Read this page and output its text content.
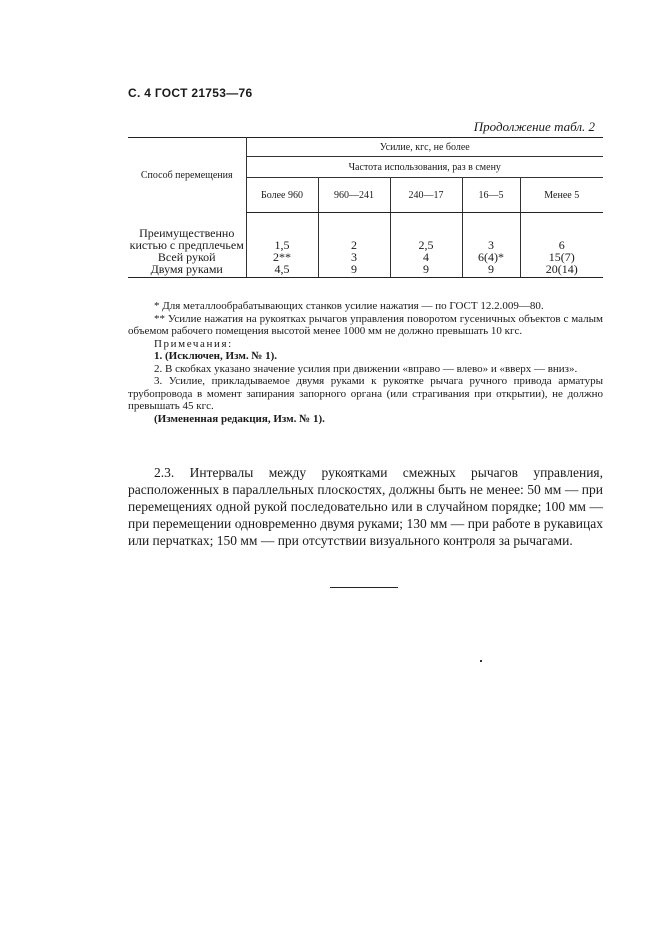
С. 4 ГОСТ 21753—76
Продолжение табл. 2
Способ перемещения	Усилие, кгс, не более				
	Частота использования, раз в смену				
	Более 960	960—241	240—17	16—5	Менее 5
Преимущественно кистью с предплечьем	1,5	2	2,5	3	6
Всей рукой	2**	3	4	6(4)*	15(7)
Двумя руками	4,5	9	9	9	20(14)

* Для металлообрабатывающих станков усилие нажатия — по ГОСТ 12.2.009—80.

** Усилие нажатия на рукоятках рычагов управления поворотом гусеничных объектов с малым объемом рабочего помещения высотой менее 1000 мм не должно превышать 10 кгс.

Примечания:

1. (Исключен, Изм. № 1).

2. В скобках указано значение усилия при движении «вправо — влево» и «вверх — вниз».

3. Усилие, прикладываемое двумя руками к рукоятке рычага ручного привода арматуры трубопровода в момент запирания запорного органа (или страгивания при открытии), не должно превышать 45 кгс.

(Измененная редакция, Изм. № 1).

2.3. Интервалы между рукоятками смежных рычагов управления, расположенных в параллельных плоскостях, должны быть не менее: 50 мм — при перемещениях одной рукой последовательно или в случайном порядке; 100 мм — при перемещении одновременно двумя руками; 130 мм — при работе в рукавицах или перчатках; 150 мм — при отсутствии визуального контроля за рычагами.
